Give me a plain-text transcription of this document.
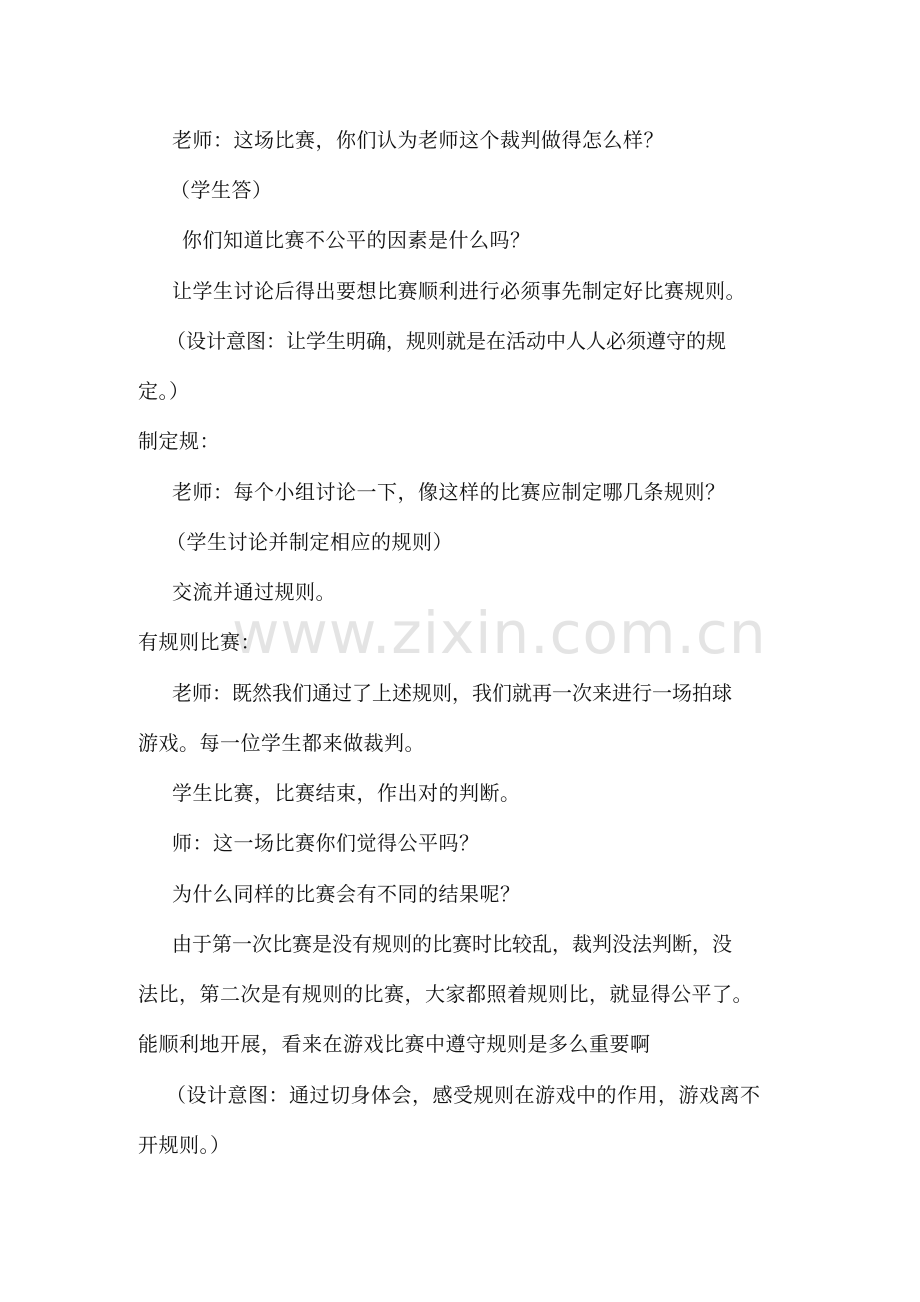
www.zixin.com.cn
老师：这场比赛，你们认为老师这个裁判做得怎么样？
（学生答）
你们知道比赛不公平的因素是什么吗？
让学生讨论后得出要想比赛顺利进行必须事先制定好比赛规则。
（设计意图：让学生明确，规则就是在活动中人人必须遵守的规
定。）
制定规：
老师：每个小组讨论一下，像这样的比赛应制定哪几条规则？
（学生讨论并制定相应的规则）
交流并通过规则。
有规则比赛：
老师：既然我们通过了上述规则，我们就再一次来进行一场拍球
游戏。每一位学生都来做裁判。
学生比赛，比赛结束，作出对的判断。
师：这一场比赛你们觉得公平吗？
为什么同样的比赛会有不同的结果呢？
由于第一次比赛是没有规则的比赛时比较乱，裁判没法判断，没
法比，第二次是有规则的比赛，大家都照着规则比，就显得公平了。
能顺利地开展，看来在游戏比赛中遵守规则是多么重要啊
（设计意图：通过切身体会，感受规则在游戏中的作用，游戏离不
开规则。）
